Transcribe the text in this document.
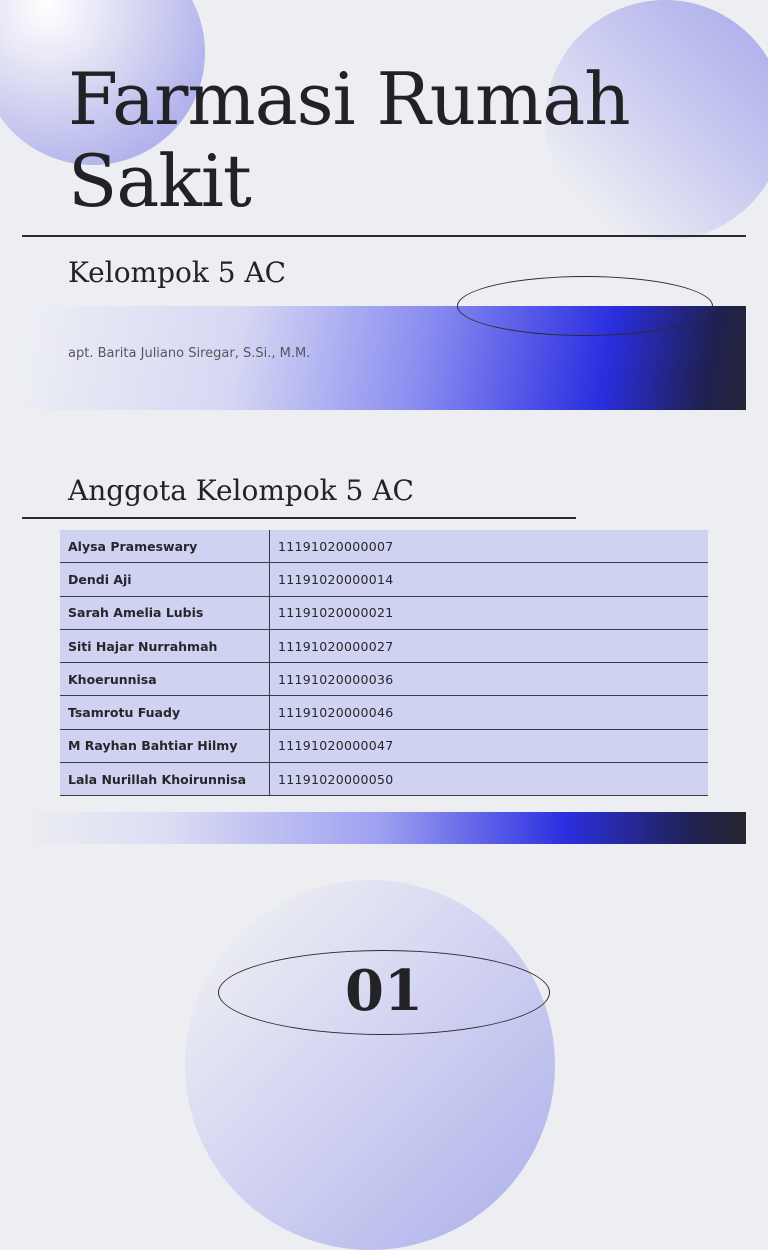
Farmasi Rumah Sakit
Kelompok 5 AC
apt. Barita Juliano Siregar, S.Si., M.M.
Anggota Kelompok 5 AC
Alysa Prameswary	11191020000007
Dendi Aji	11191020000014
Sarah Amelia Lubis	11191020000021
Siti Hajar Nurrahmah	11191020000027
Khoerunnisa	11191020000036
Tsamrotu Fuady	11191020000046
M Rayhan Bahtiar Hilmy	11191020000047
Lala Nurillah Khoirunnisa	11191020000050
01
